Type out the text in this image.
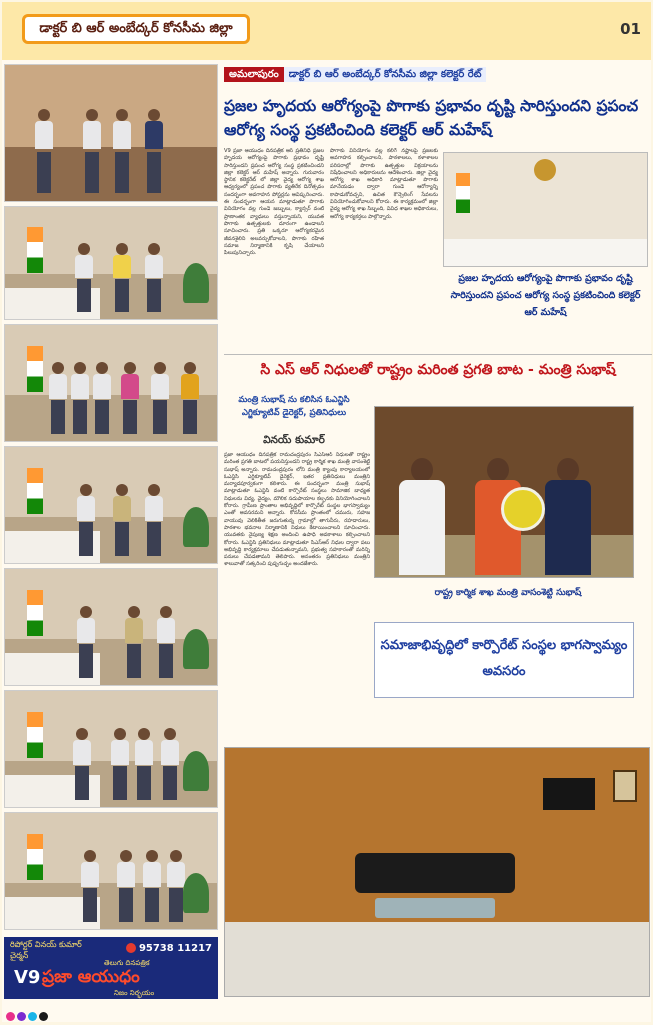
డాక్టర్ బి ఆర్ అంబేద్కర్ కోనసీమ జిల్లా	01
రిపోర్టర్ వినయ్ కుమార్	95738 11217
చైర్మన్
తెలుగు దినపత్రిక
V9 ప్రజా ఆయుధం
నిజం నిర్భయం
అమలాపురం డాక్టర్ బి ఆర్ అంబేద్కర్ కోనసీమ జిల్లా కలెక్టర్ రేట్
ప్రజల హృదయ ఆరోగ్యంపై పొగాకు ప్రభావం దృష్టి సారిస్తుందని ప్రపంచ ఆరోగ్య సంస్థ ప్రకటించింది కలెక్టర్ ఆర్ మహేష్
V9 ప్రజా ఆయుధం దినపత్రిక ఆర్ ప్రతినిధి ప్రజల హృదయ ఆరోగ్యంపై పొగాకు ప్రభావం దృష్టి సారిస్తుందని ప్రపంచ ఆరోగ్య సంస్థ ప్రకటించిందని జిల్లా కలెక్టర్ ఆర్ మహేష్ అన్నారు. గురువారం స్థానిక కలెక్టరేట్ లో జిల్లా వైద్య ఆరోగ్య శాఖ ఆధ్వర్యంలో ప్రపంచ పొగాకు వ్యతిరేక దినోత్సవం సందర్భంగా అవగాహన పోస్టర్లను ఆవిష్కరించారు. ఈ సందర్భంగా ఆయన మాట్లాడుతూ పొగాకు వినియోగం వల్ల గుండె జబ్బులు, క్యాన్సర్ వంటి ప్రాణాంతక వ్యాధులు వస్తున్నాయని, యువత పొగాకు ఉత్పత్తులకు దూరంగా ఉండాలని సూచించారు. ప్రతి ఒక్కరూ ఆరోగ్యకరమైన జీవనశైలిని అలవర్చుకోవాలని, పొగాకు రహిత సమాజ నిర్మాణానికి కృషి చేయాలని పిలుపునిచ్చారు.
పొగాకు వినియోగం వల్ల కలిగే నష్టాలపై ప్రజలకు అవగాహన కల్పించాలని, పాఠశాలలు, కళాశాలల పరిసరాల్లో పొగాకు ఉత్పత్తుల విక్రయాలను నిషేధించాలని అధికారులను ఆదేశించారు. జిల్లా వైద్య ఆరోగ్య శాఖ అధికారి మాట్లాడుతూ పొగాకు మానేయడం ద్వారా గుండె ఆరోగ్యాన్ని కాపాడుకోవచ్చని, ఉచిత కౌన్సెలింగ్ సేవలను వినియోగించుకోవాలని కోరారు. ఈ కార్యక్రమంలో జిల్లా వైద్య ఆరోగ్య శాఖ సిబ్బంది, వివిధ శాఖల అధికారులు, ఆరోగ్య కార్యకర్తలు పాల్గొన్నారు.
ప్రజల హృదయ ఆరోగ్యంపై పొగాకు ప్రభావం దృష్టి సారిస్తుందని ప్రపంచ ఆరోగ్య సంస్థ ప్రకటించింది కలెక్టర్ ఆర్ మహేష్
సి ఎస్ ఆర్ నిధులతో రాష్ట్రం మరింత ప్రగతి బాట - మంత్రి సుభాష్
మంత్రి సుభాష్ ను కలిసిన ఓఎన్జిసి ఎగ్జిక్యూటివ్ డైరెక్టర్, ప్రతినిధులు
వినయ్ కుమార్
ప్రజా ఆయుధం దినపత్రిక రామచంద్రపురం సిఎస్ఆర్ నిధులతో రాష్ట్రం మరింత ప్రగతి బాటలో పయనిస్తుందని రాష్ట్ర కార్మిక శాఖ మంత్రి వాసంశెట్టి సుభాష్ అన్నారు. రామచంద్రపురం లోని మంత్రి క్యాంపు కార్యాలయంలో ఓఎన్జిసి ఎగ్జిక్యూటివ్ డైరెక్టర్, ఇతర ప్రతినిధులు మంత్రిని మర్యాదపూర్వకంగా కలిశారు. ఈ సందర్భంగా మంత్రి సుభాష్ మాట్లాడుతూ ఓఎన్జిసి వంటి కార్పొరేట్ సంస్థలు సామాజిక బాధ్యత నిధులను విద్య, వైద్యం, మౌలిక సదుపాయాల కల్పనకు వినియోగించాలని కోరారు. గ్రామీణ ప్రాంతాల అభివృద్ధిలో కార్పొరేట్ సంస్థల భాగస్వామ్యం ఎంతో అవసరమని అన్నారు. కోనసీమ ప్రాంతంలో చమురు, సహజ వాయువు వెలికితీత జరుగుతున్న గ్రామాల్లో తాగునీరు, రహదారులు, పాఠశాల భవనాల నిర్మాణానికి నిధులు కేటాయించాలని సూచించారు. యువతకు నైపుణ్య శిక్షణ అందించి ఉపాధి అవకాశాలు కల్పించాలని కోరారు. ఓఎన్జిసి ప్రతినిధులు మాట్లాడుతూ సిఎస్ఆర్ నిధుల ద్వారా పలు అభివృద్ధి కార్యక్రమాలు చేపడుతున్నామని, ప్రభుత్వ సహకారంతో మరిన్ని పనులు చేపడతామని తెలిపారు. అనంతరం ప్రతినిధులు మంత్రిని శాలువాతో సత్కరించి పుష్పగుచ్ఛం అందజేశారు.
రాష్ట్ర కార్మిక శాఖ మంత్రి వాసంశెట్టి సుభాష్
సమాజాభివృద్ధిలో కార్పొరేట్ సంస్థల భాగస్వామ్యం అవసరం
